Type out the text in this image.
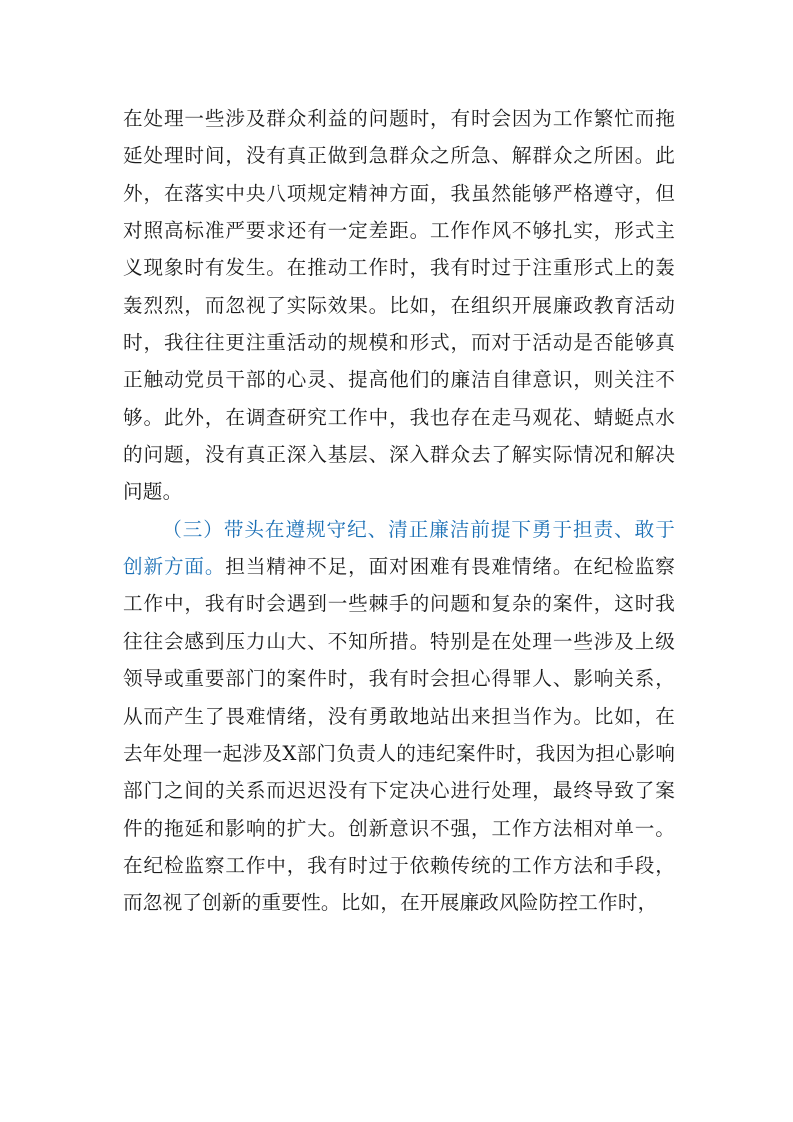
在处理一些涉及群众利益的问题时，有时会因为工作繁忙而拖延处理时间，没有真正做到急群众之所急、解群众之所困。此外，在落实中央八项规定精神方面，我虽然能够严格遵守，但对照高标准严要求还有一定差距。工作作风不够扎实，形式主义现象时有发生。在推动工作时，我有时过于注重形式上的轰轰烈烈，而忽视了实际效果。比如，在组织开展廉政教育活动时，我往往更注重活动的规模和形式，而对于活动是否能够真正触动党员干部的心灵、提高他们的廉洁自律意识，则关注不够。此外，在调查研究工作中，我也存在走马观花、蜻蜓点水的问题，没有真正深入基层、深入群众去了解实际情况和解决问题。

（三）带头在遵规守纪、清正廉洁前提下勇于担责、敢于创新方面。担当精神不足，面对困难有畏难情绪。在纪检监察工作中，我有时会遇到一些棘手的问题和复杂的案件，这时我往往会感到压力山大、不知所措。特别是在处理一些涉及上级领导或重要部门的案件时，我有时会担心得罪人、影响关系，从而产生了畏难情绪，没有勇敢地站出来担当作为。比如，在去年处理一起涉及X部门负责人的违纪案件时，我因为担心影响部门之间的关系而迟迟没有下定决心进行处理，最终导致了案件的拖延和影响的扩大。创新意识不强，工作方法相对单一。在纪检监察工作中，我有时过于依赖传统的工作方法和手段，而忽视了创新的重要性。比如，在开展廉政风险防控工作时，
